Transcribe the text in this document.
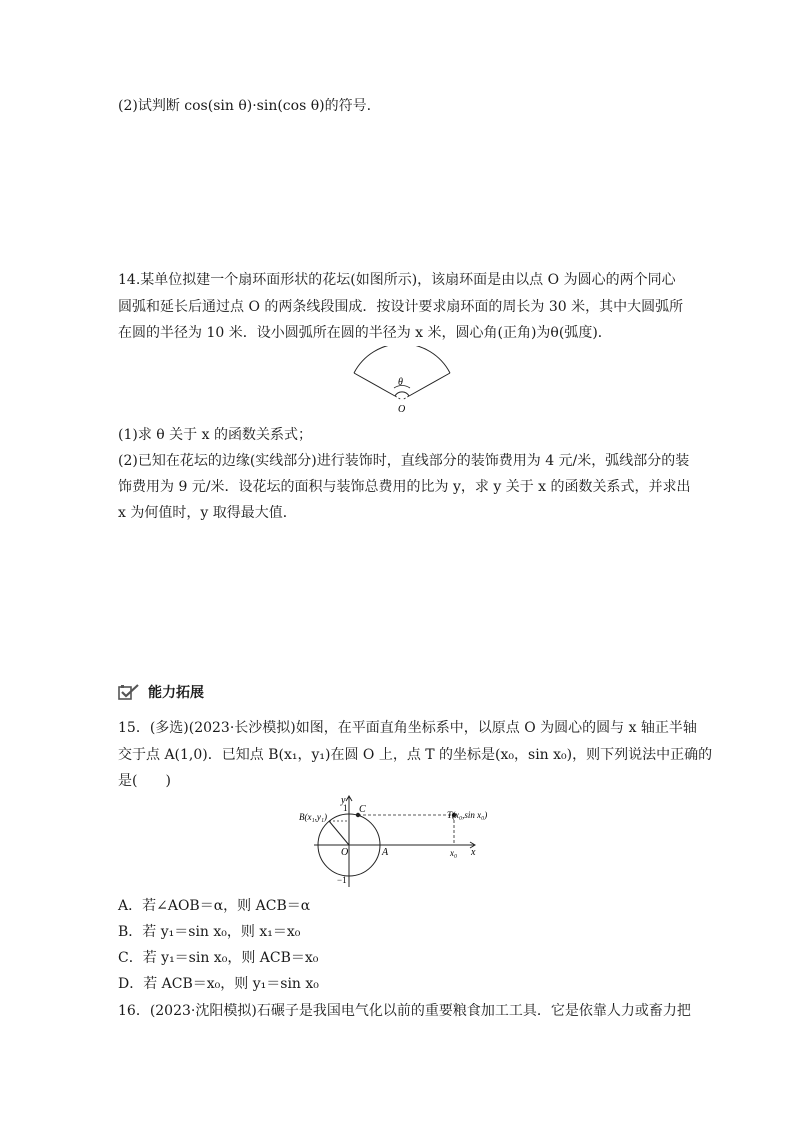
(2)试判断 cos(sin θ)·sin(cos θ)的符号.
14.某单位拟建一个扇环面形状的花坛(如图所示)，该扇环面是由以点 O 为圆心的两个同心
圆弧和延长后通过点 O 的两条线段围成．按设计要求扇环面的周长为 30 米，其中大圆弧所
在圆的半径为 10 米．设小圆弧所在圆的半径为 x 米，圆心角(正角)为θ(弧度)．
θ
O
(1)求 θ 关于 x 的函数关系式；
(2)已知在花坛的边缘(实线部分)进行装饰时，直线部分的装饰费用为 4 元/米，弧线部分的装
饰费用为 9 元/米．设花坛的面积与装饰总费用的比为 y，求 y 关于 x 的函数关系式，并求出
x 为何值时，y 取得最大值．
能力拓展
15．(多选)(2023·长沙模拟)如图，在平面直角坐标系中，以原点 O 为圆心的圆与 x 轴正半轴
交于点 A(1,0)．已知点 B(x₁，y₁)在圆 O 上，点 T 的坐标是(x₀，sin x₀)，则下列说法中正确的
是(　　)
y
1 C
B(x₁,y₁)	T(x₀,sin x₀)
O	A	x₀ x
−1
A．若∠AOB＝α，则 ACB＝α
B．若 y₁＝sin x₀，则 x₁＝x₀
C．若 y₁＝sin x₀，则 ACB＝x₀
D．若 ACB＝x₀，则 y₁＝sin x₀
16．(2023·沈阳模拟)石碾子是我国电气化以前的重要粮食加工工具．它是依靠人力或畜力把
